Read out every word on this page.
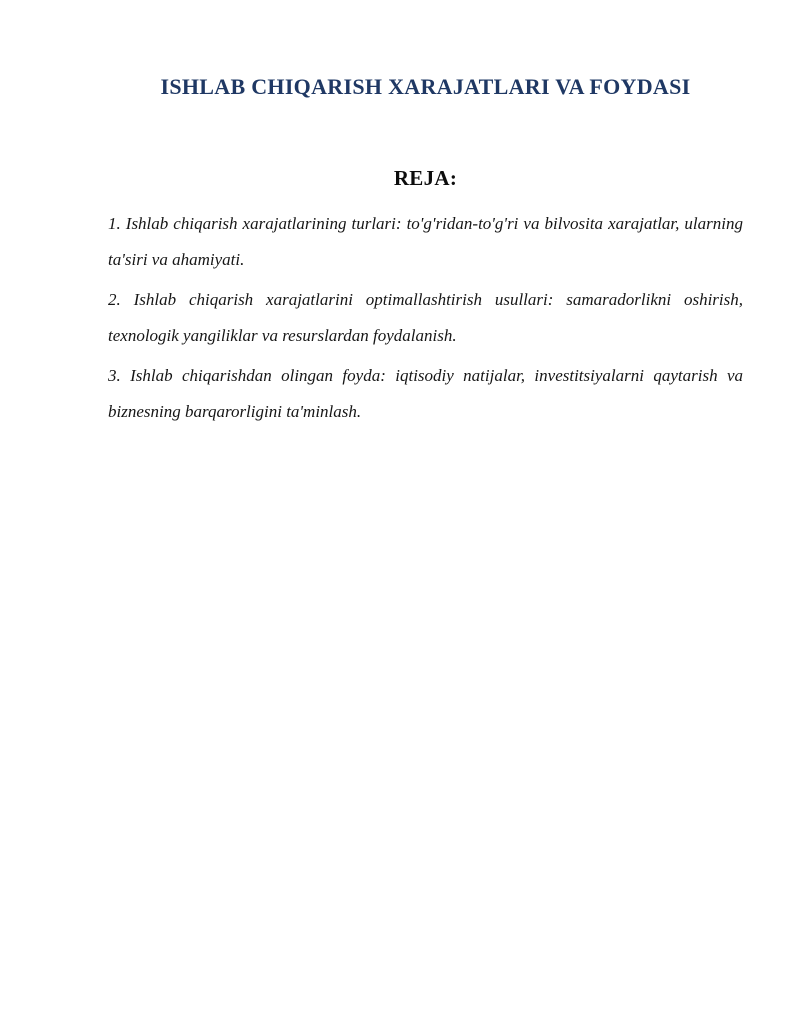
ISHLAB CHIQARISH XARAJATLARI VA FOYDASI
REJA:

1. Ishlab chiqarish xarajatlarining turlari: to'g'ridan-to'g'ri va bilvosita xarajatlar, ularning ta'siri va ahamiyati.

2. Ishlab chiqarish xarajatlarini optimallashtirish usullari: samaradorlikni oshirish, texnologik yangiliklar va resurslardan foydalanish.

3. Ishlab chiqarishdan olingan foyda: iqtisodiy natijalar, investitsiyalarni qaytarish va biznesning barqarorligini ta'minlash.
